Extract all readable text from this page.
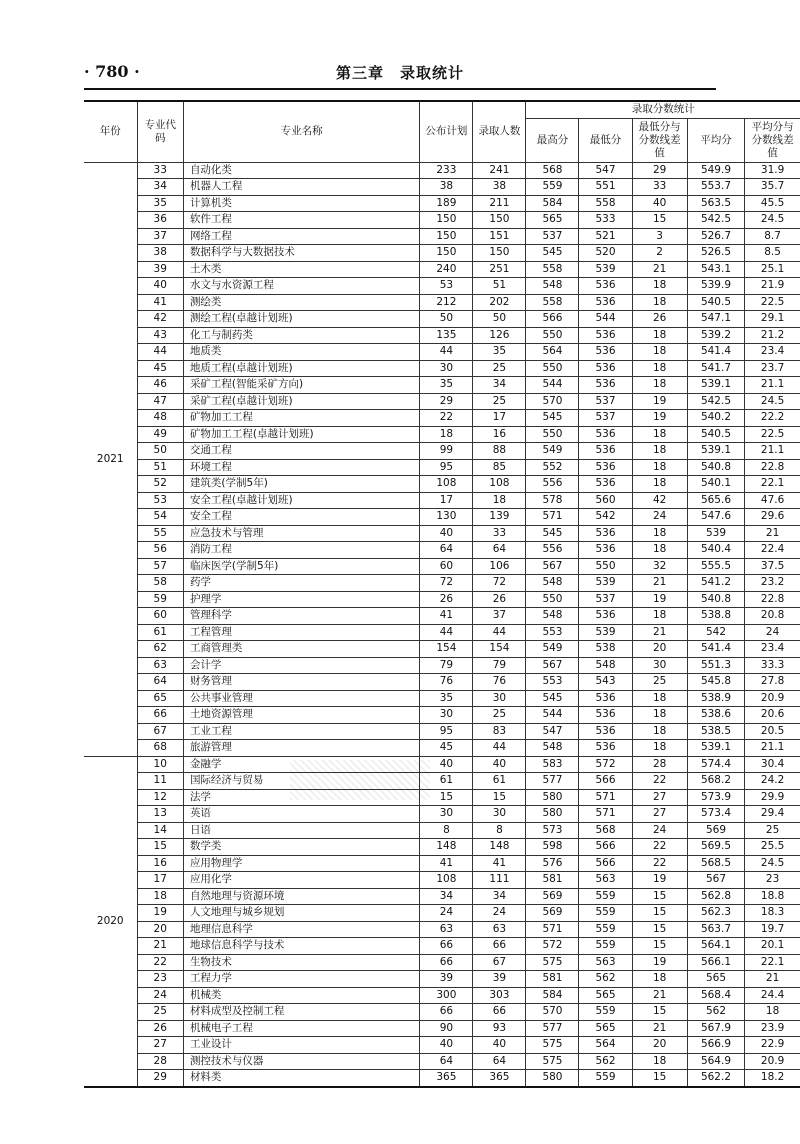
· 780 ·	第三章　录取统计
年份	专业代码	专业名称	公布计划	录取人数	录取分数统计				
					最高分	最低分	最低分与分数线差值	平均分	平均分与分数线差值
2021	33	自动化类	233	241	568	547	29	549.9	31.9
	34	机器人工程	38	38	559	551	33	553.7	35.7
	35	计算机类	189	211	584	558	40	563.5	45.5
	36	软件工程	150	150	565	533	15	542.5	24.5
	37	网络工程	150	151	537	521	3	526.7	8.7
	38	数据科学与大数据技术	150	150	545	520	2	526.5	8.5
	39	土木类	240	251	558	539	21	543.1	25.1
	40	水文与水资源工程	53	51	548	536	18	539.9	21.9
	41	测绘类	212	202	558	536	18	540.5	22.5
	42	测绘工程(卓越计划班)	50	50	566	544	26	547.1	29.1
	43	化工与制药类	135	126	550	536	18	539.2	21.2
	44	地质类	44	35	564	536	18	541.4	23.4
	45	地质工程(卓越计划班)	30	25	550	536	18	541.7	23.7
	46	采矿工程(智能采矿方向)	35	34	544	536	18	539.1	21.1
	47	采矿工程(卓越计划班)	29	25	570	537	19	542.5	24.5
	48	矿物加工工程	22	17	545	537	19	540.2	22.2
	49	矿物加工工程(卓越计划班)	18	16	550	536	18	540.5	22.5
	50	交通工程	99	88	549	536	18	539.1	21.1
	51	环境工程	95	85	552	536	18	540.8	22.8
	52	建筑类(学制5年)	108	108	556	536	18	540.1	22.1
	53	安全工程(卓越计划班)	17	18	578	560	42	565.6	47.6
	54	安全工程	130	139	571	542	24	547.6	29.6
	55	应急技术与管理	40	33	545	536	18	539	21
	56	消防工程	64	64	556	536	18	540.4	22.4
	57	临床医学(学制5年)	60	106	567	550	32	555.5	37.5
	58	药学	72	72	548	539	21	541.2	23.2
	59	护理学	26	26	550	537	19	540.8	22.8
	60	管理科学	41	37	548	536	18	538.8	20.8
	61	工程管理	44	44	553	539	21	542	24
	62	工商管理类	154	154	549	538	20	541.4	23.4
	63	会计学	79	79	567	548	30	551.3	33.3
	64	财务管理	76	76	553	543	25	545.8	27.8
	65	公共事业管理	35	30	545	536	18	538.9	20.9
	66	土地资源管理	30	25	544	536	18	538.6	20.6
	67	工业工程	95	83	547	536	18	538.5	20.5
	68	旅游管理	45	44	548	536	18	539.1	21.1
2020	10	金融学	40	40	583	572	28	574.4	30.4
	11	国际经济与贸易	61	61	577	566	22	568.2	24.2
	12	法学	15	15	580	571	27	573.9	29.9
	13	英语	30	30	580	571	27	573.4	29.4
	14	日语	8	8	573	568	24	569	25
	15	数学类	148	148	598	566	22	569.5	25.5
	16	应用物理学	41	41	576	566	22	568.5	24.5
	17	应用化学	108	111	581	563	19	567	23
	18	自然地理与资源环境	34	34	569	559	15	562.8	18.8
	19	人文地理与城乡规划	24	24	569	559	15	562.3	18.3
	20	地理信息科学	63	63	571	559	15	563.7	19.7
	21	地球信息科学与技术	66	66	572	559	15	564.1	20.1
	22	生物技术	66	67	575	563	19	566.1	22.1
	23	工程力学	39	39	581	562	18	565	21
	24	机械类	300	303	584	565	21	568.4	24.4
	25	材料成型及控制工程	66	66	570	559	15	562	18
	26	机械电子工程	90	93	577	565	21	567.9	23.9
	27	工业设计	40	40	575	564	20	566.9	22.9
	28	测控技术与仪器	64	64	575	562	18	564.9	20.9
	29	材料类	365	365	580	559	15	562.2	18.2
